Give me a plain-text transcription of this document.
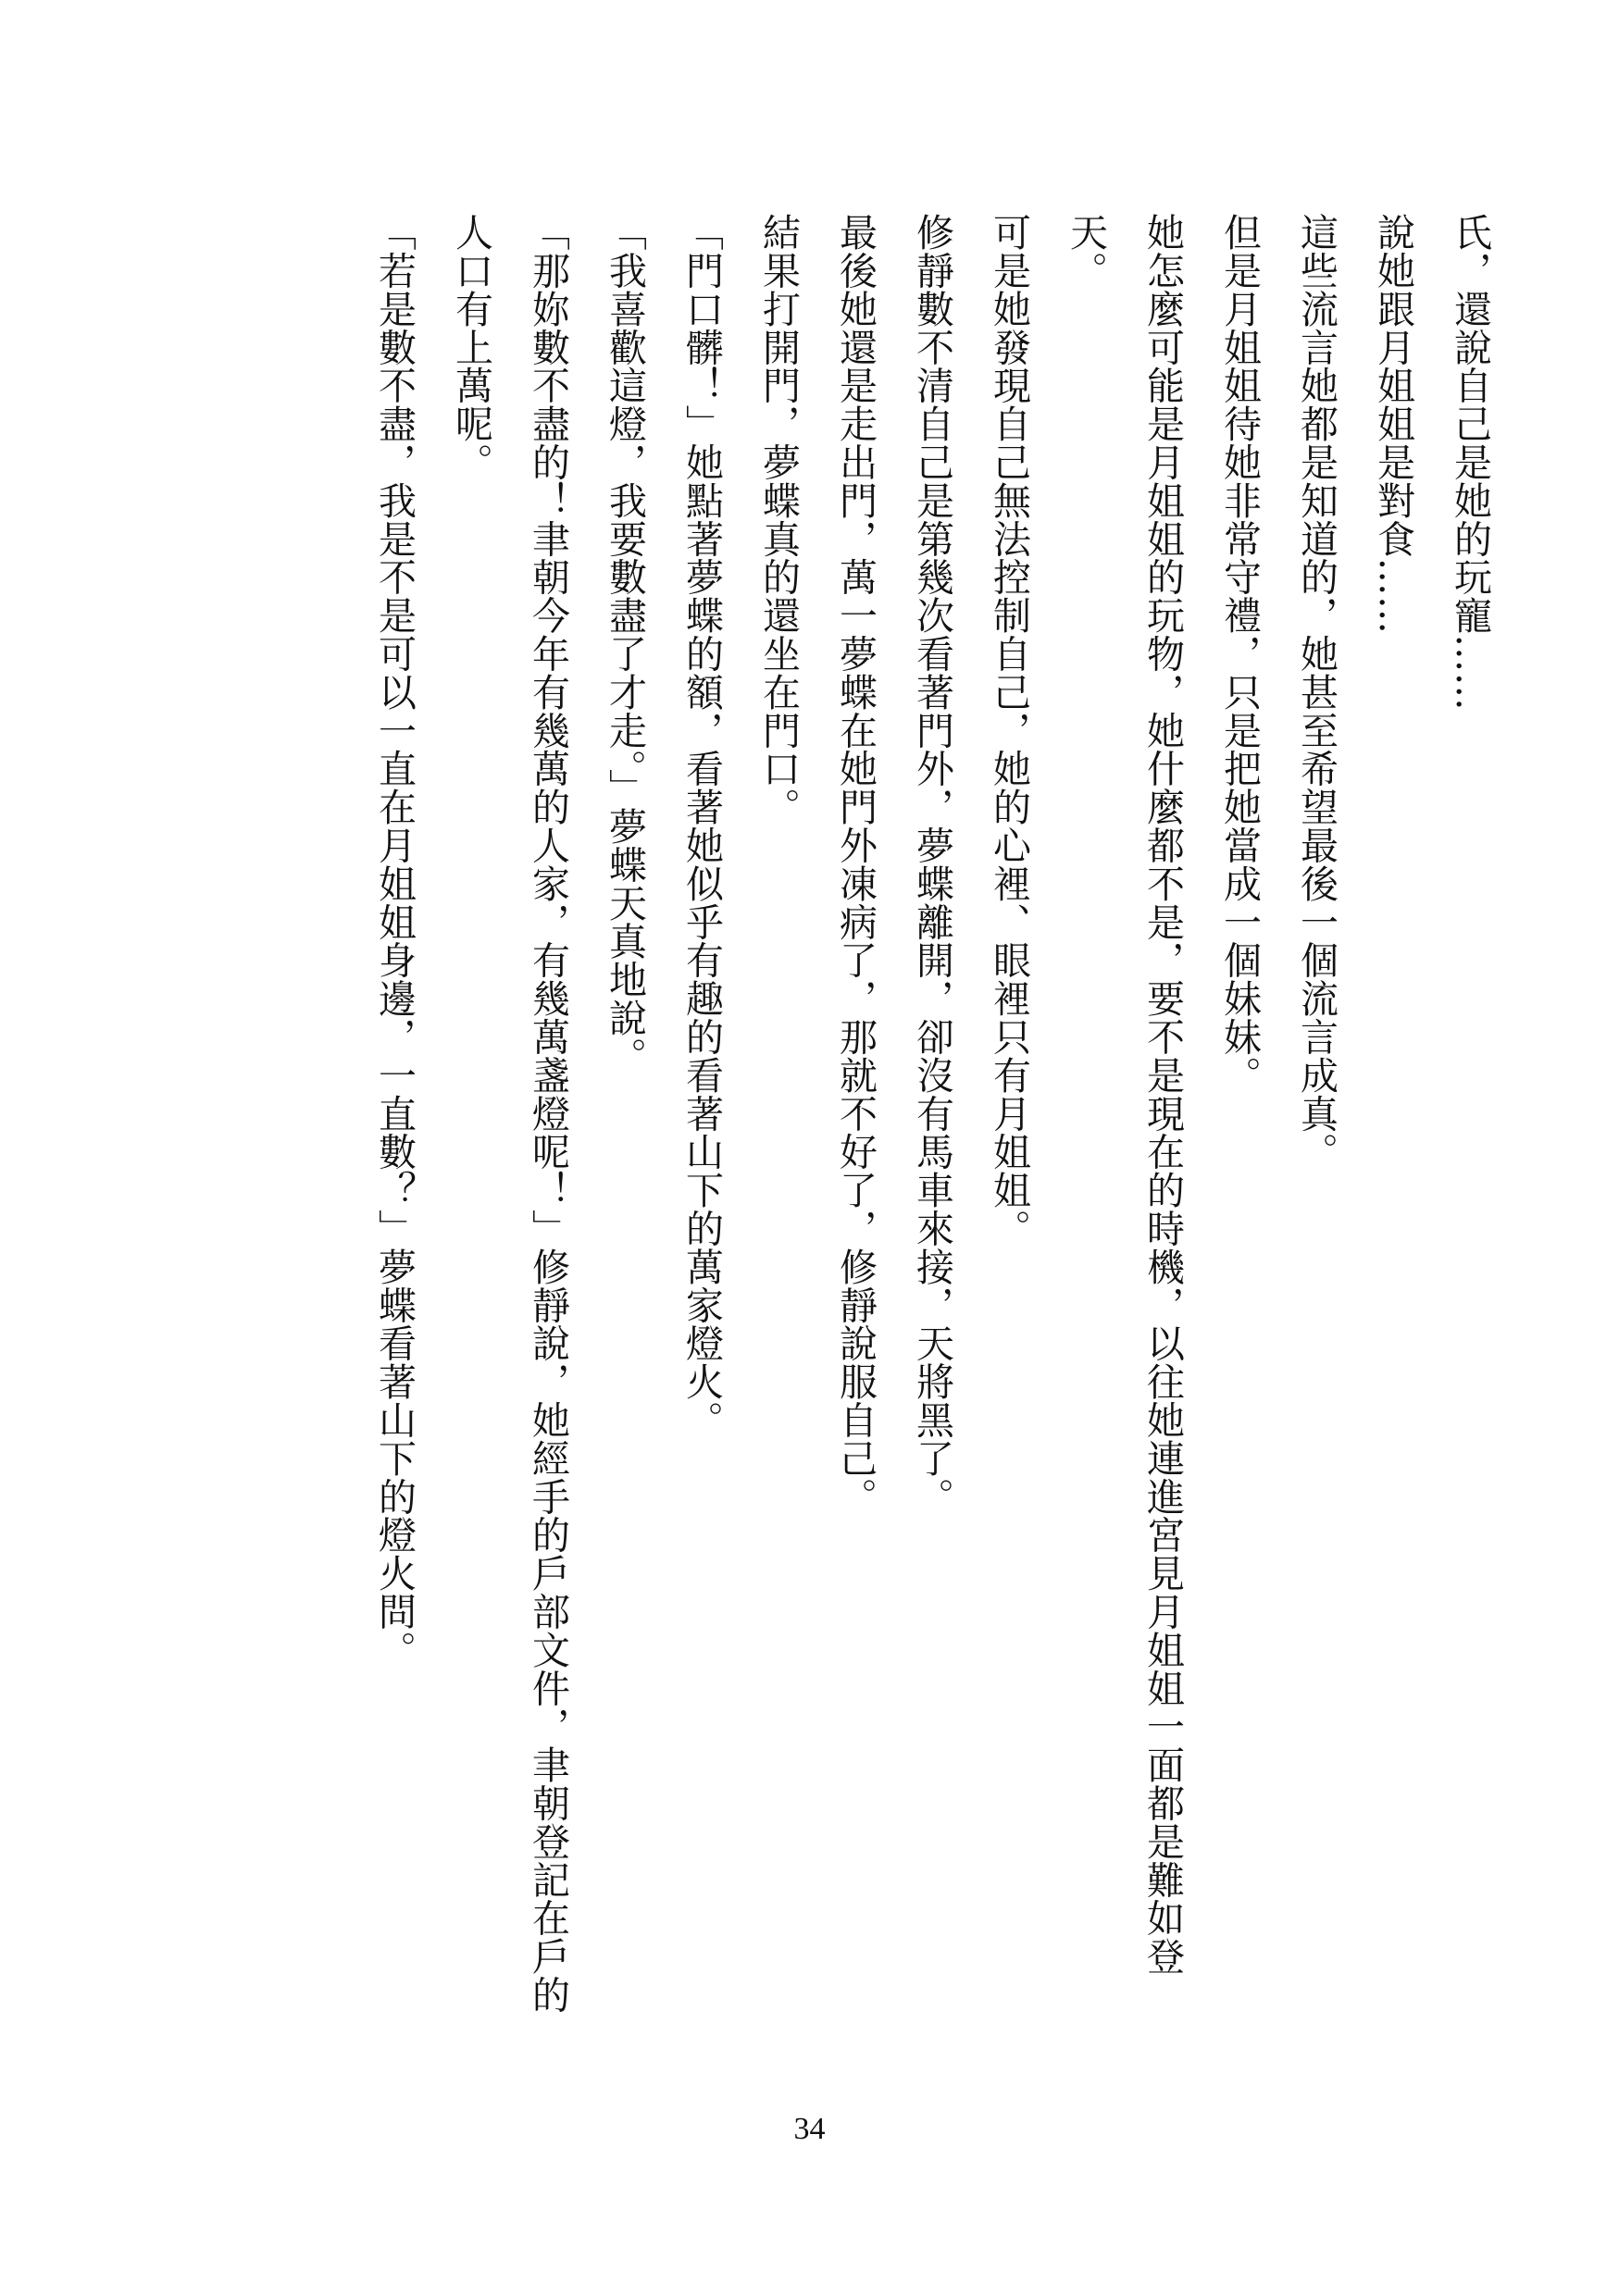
氏，還說自己是她的玩寵……

說她跟月姐姐是對食……

這些流言她都是知道的，她甚至希望最後一個流言成真。

但是月姐姐待她非常守禮，只是把她當成一個妹妹。

她怎麼可能是月姐姐的玩物，她什麼都不是，要不是現在的時機，以往她連進宮見月姐姐一面都是難如登天。

可是她發現自己無法控制自己，她的心裡、眼裡只有月姐姐。

修靜數不清自己是第幾次看著門外，夢蝶離開，卻沒有馬車來接，天將黑了。

最後她還是走出門，萬一夢蝶在她門外凍病了，那就不好了，修靜說服自己。

結果打開門，夢蝶真的還坐在門口。

「門口髒！」她點著夢蝶的額，看著她似乎有趣的看著山下的萬家燈火。

「我喜歡這燈，我要數盡了才走。」夢蝶天真地說。

「那妳數不盡的！聿朝今年有幾萬的人家，有幾萬盞燈呢！」修靜說，她經手的戶部文件，聿朝登記在戶的人口有上萬呢。

「若是數不盡，我是不是可以一直在月姐姐身邊，一直數？」夢蝶看著山下的燈火問。

34
